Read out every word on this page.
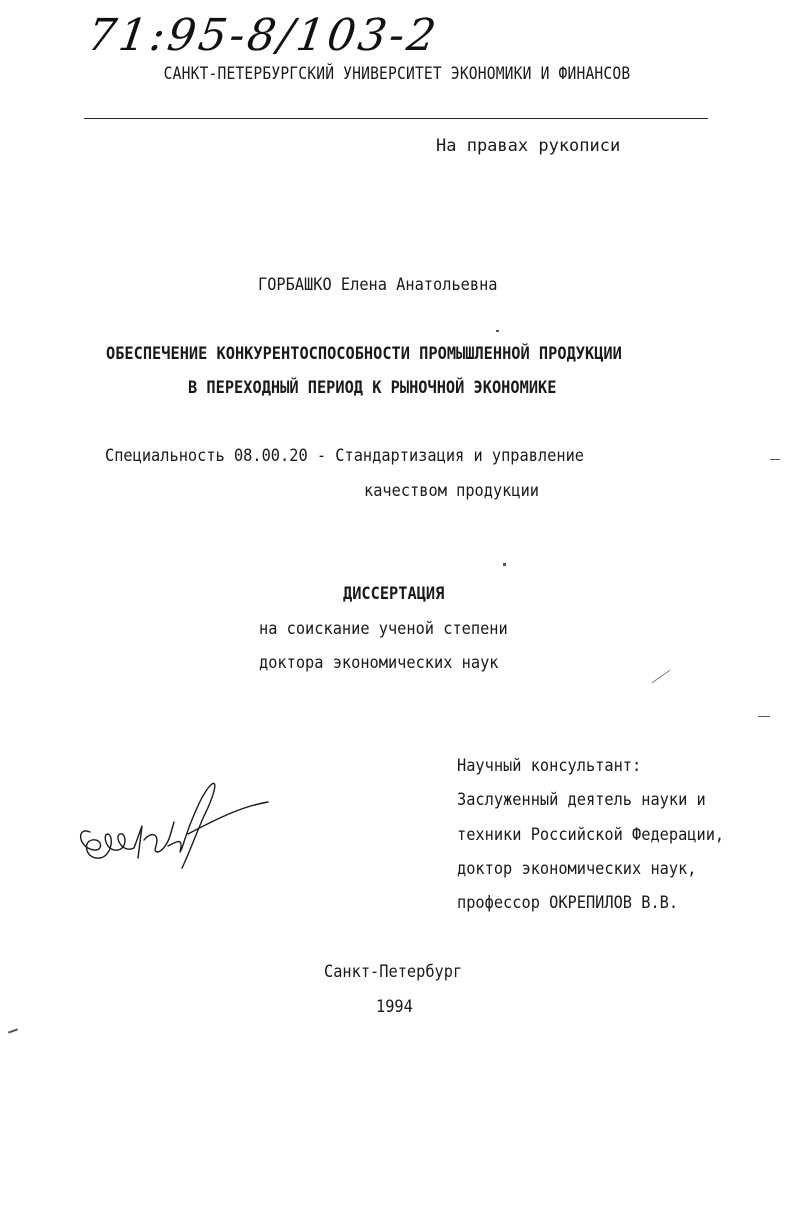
71:95-8/103-2
САНКТ-ПЕТЕРБУРГСКИЙ УНИВЕРСИТЕТ ЭКОНОМИКИ И ФИНАНСОВ
На правах рукописи
ГОРБАШКО Елена Анатольевна
ОБЕСПЕЧЕНИЕ КОНКУРЕНТОСПОСОБНОСТИ ПРОМЫШЛЕННОЙ ПРОДУКЦИИ
В ПЕРЕХОДНЫЙ ПЕРИОД К РЫНОЧНОЙ ЭКОНОМИКЕ
Специальность 08.00.20 - Стандартизация и управление
качеством продукции
ДИССЕРТАЦИЯ
на соискание ученой степени
доктора экономических наук
Научный консультант:
Заслуженный деятель науки и
техники Российской Федерации,
доктор экономических наук,
профессор ОКРЕПИЛОВ В.В.
Санкт-Петербург
1994
